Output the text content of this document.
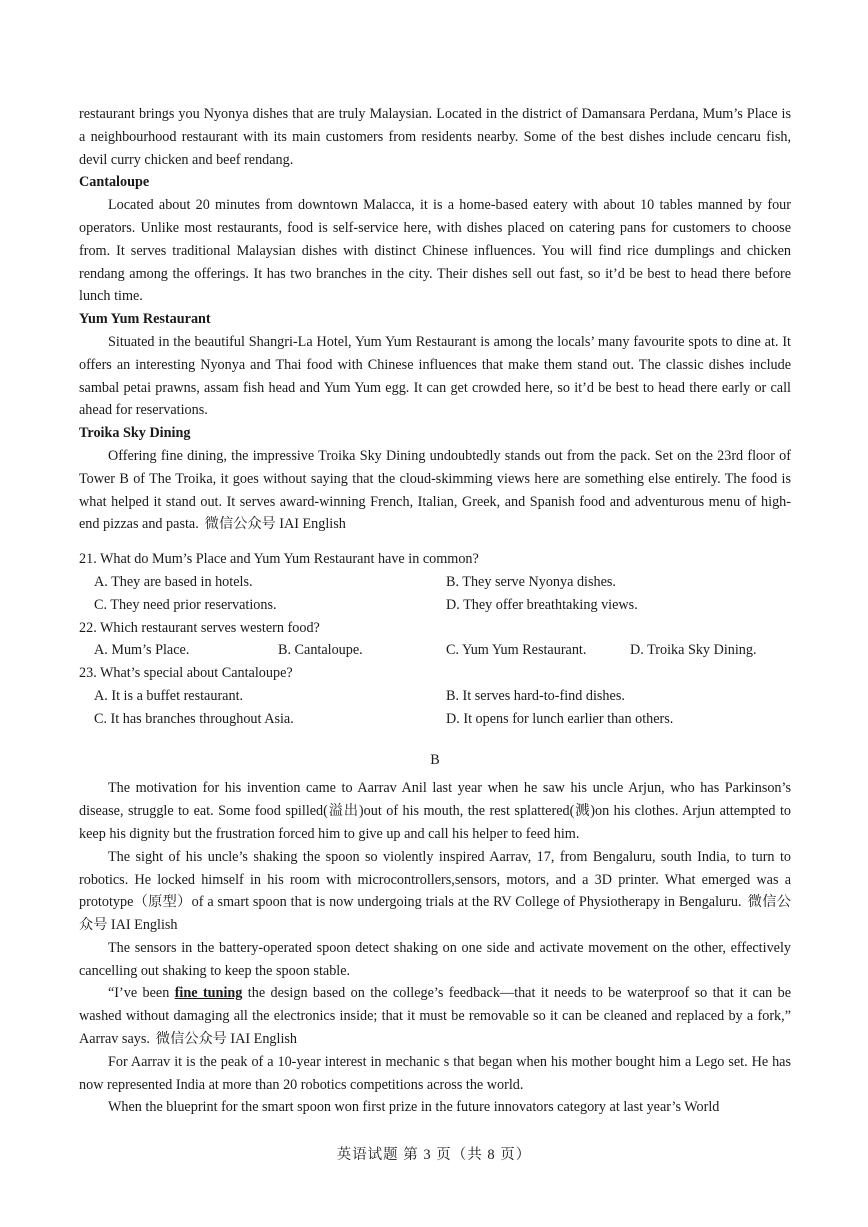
restaurant brings you Nyonya dishes that are truly Malaysian. Located in the district of Damansara Perdana, Mum’s Place is a neighbourhood restaurant with its main customers from residents nearby. Some of the best dishes include cencaru fish, devil curry chicken and beef rendang.

Cantaloupe

Located about 20 minutes from downtown Malacca, it is a home-based eatery with about 10 tables manned by four operators. Unlike most restaurants, food is self-service here, with dishes placed on catering pans for customers to choose from. It serves traditional Malaysian dishes with distinct Chinese influences. You will find rice dumplings and chicken rendang among the offerings. It has two branches in the city. Their dishes sell out fast, so it’d be best to head there before lunch time.

Yum Yum Restaurant

Situated in the beautiful Shangri-La Hotel, Yum Yum Restaurant is among the locals’ many favourite spots to dine at. It offers an interesting Nyonya and Thai food with Chinese influences that make them stand out. The classic dishes include sambal petai prawns, assam fish head and Yum Yum egg. It can get crowded here, so it’d be best to head there early or call ahead for reservations.

Troika Sky Dining

Offering fine dining, the impressive Troika Sky Dining undoubtedly stands out from the pack. Set on the 23rd floor of Tower B of The Troika, it goes without saying that the cloud-skimming views here are something else entirely. The food is what helped it stand out. It serves award-winning French, Italian, Greek, and Spanish food and adventurous menu of high-end pizzas and pasta. 微信公众号 IAI English

21. What do Mum’s Place and Yum Yum Restaurant have in common?

A. They are based in hotels.	B. They serve Nyonya dishes.
C. They need prior reservations.	D. They offer breathtaking views.

22. Which restaurant serves western food?

A. Mum’s Place.	B. Cantaloupe.	C. Yum Yum Restaurant.	D. Troika Sky Dining.

23. What’s special about Cantaloupe?

A. It is a buffet restaurant.	B. It serves hard-to-find dishes.
C. It has branches throughout Asia.	D. It opens for lunch earlier than others.

B

The motivation for his invention came to Aarrav Anil last year when he saw his uncle Arjun, who has Parkinson’s disease, struggle to eat. Some food spilled(溢出)out of his mouth, the rest splattered(溅)on his clothes. Arjun attempted to keep his dignity but the frustration forced him to give up and call his helper to feed him.

The sight of his uncle’s shaking the spoon so violently inspired Aarrav, 17, from Bengaluru, south India, to turn to robotics. He locked himself in his room with microcontrollers,sensors, motors, and a 3D printer. What emerged was a prototype（原型）of a smart spoon that is now undergoing trials at the RV College of Physiotherapy in Bengaluru. 微信公众号 IAI English

The sensors in the battery-operated spoon detect shaking on one side and activate movement on the other, effectively cancelling out shaking to keep the spoon stable.

“I’ve been fine tuning the design based on the college’s feedback—that it needs to be waterproof so that it can be washed without damaging all the electronics inside; that it must be removable so it can be cleaned and replaced by a fork,” Aarrav says. 微信公众号 IAI English

For Aarrav it is the peak of a 10-year interest in mechanic s that began when his mother bought him a Lego set. He has now represented India at more than 20 robotics competitions across the world.

When the blueprint for the smart spoon won first prize in the future innovators category at last year’s World

英语试题 第 3 页（共 8 页）
